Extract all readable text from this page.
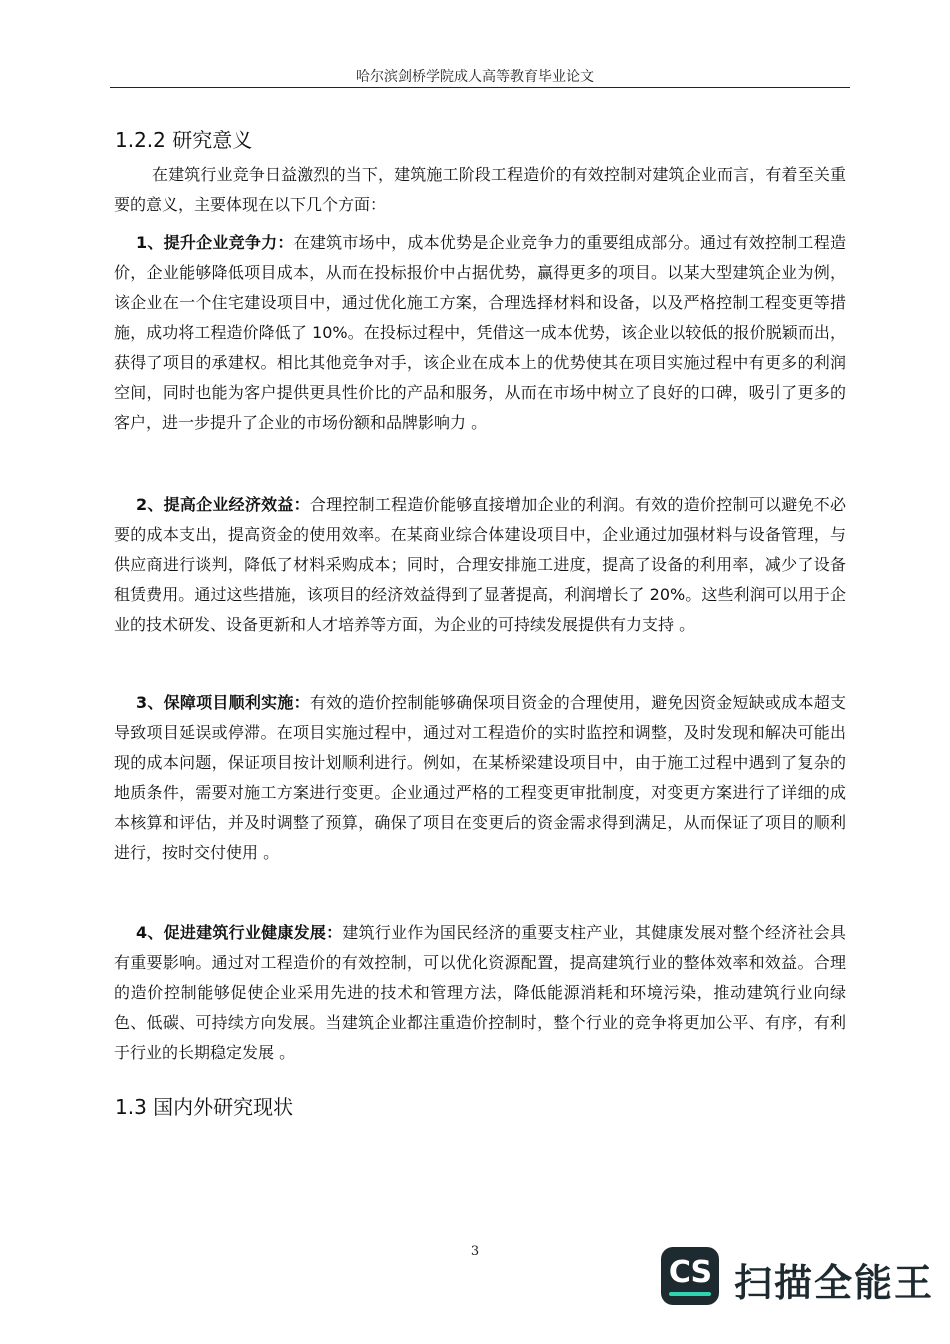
哈尔滨剑桥学院成人高等教育毕业论文
1.2.2 研究意义
在建筑行业竞争日益激烈的当下，建筑施工阶段工程造价的有效控制对建筑企业而言，有着至关重要的意义，主要体现在以下几个方面：
1、提升企业竞争力：在建筑市场中，成本优势是企业竞争力的重要组成部分。通过有效控制工程造价，企业能够降低项目成本，从而在投标报价中占据优势，赢得更多的项目。以某大型建筑企业为例，该企业在一个住宅建设项目中，通过优化施工方案，合理选择材料和设备，以及严格控制工程变更等措施，成功将工程造价降低了 10%。在投标过程中，凭借这一成本优势，该企业以较低的报价脱颖而出，获得了项目的承建权。相比其他竞争对手，该企业在成本上的优势使其在项目实施过程中有更多的利润空间，同时也能为客户提供更具性价比的产品和服务，从而在市场中树立了良好的口碑，吸引了更多的客户，进一步提升了企业的市场份额和品牌影响力 。
2、提高企业经济效益：合理控制工程造价能够直接增加企业的利润。有效的造价控制可以避免不必要的成本支出，提高资金的使用效率。在某商业综合体建设项目中，企业通过加强材料与设备管理，与供应商进行谈判，降低了材料采购成本；同时，合理安排施工进度，提高了设备的利用率，减少了设备租赁费用。通过这些措施，该项目的经济效益得到了显著提高，利润增长了 20%。这些利润可以用于企业的技术研发、设备更新和人才培养等方面，为企业的可持续发展提供有力支持 。
3、保障项目顺利实施：有效的造价控制能够确保项目资金的合理使用，避免因资金短缺或成本超支导致项目延误或停滞。在项目实施过程中，通过对工程造价的实时监控和调整，及时发现和解决可能出现的成本问题，保证项目按计划顺利进行。例如，在某桥梁建设项目中，由于施工过程中遇到了复杂的地质条件，需要对施工方案进行变更。企业通过严格的工程变更审批制度，对变更方案进行了详细的成本核算和评估，并及时调整了预算，确保了项目在变更后的资金需求得到满足，从而保证了项目的顺利进行，按时交付使用 。
4、促进建筑行业健康发展：建筑行业作为国民经济的重要支柱产业，其健康发展对整个经济社会具有重要影响。通过对工程造价的有效控制，可以优化资源配置，提高建筑行业的整体效率和效益。合理的造价控制能够促使企业采用先进的技术和管理方法，降低能源消耗和环境污染，推动建筑行业向绿色、低碳、可持续方向发展。当建筑企业都注重造价控制时，整个行业的竞争将更加公平、有序，有利于行业的长期稳定发展 。
1.3 国内外研究现状
3
CS 扫描全能王
